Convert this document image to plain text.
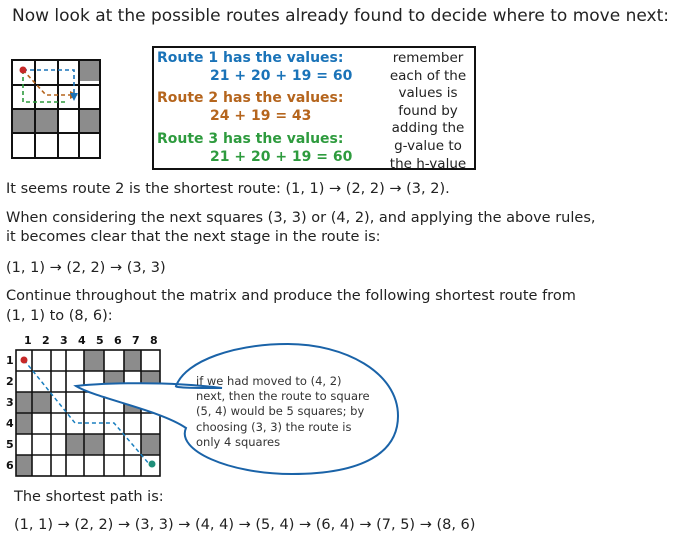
Now look at the possible routes already found to decide where to move next:
Route 1 has the values:
21 + 20 + 19 = 60
Route 2 has the values:
24 + 19 = 43
Route 3 has the values:
21 + 20 + 19 = 60
remember
each of the
values is
found by
adding the
g-value to
the h-value
It seems route 2 is the shortest route: (1, 1) → (2, 2) → (3, 2).
When considering the next squares (3, 3) or (4, 2), and applying the above rules,
it becomes clear that the next stage in the route is:
(1, 1) → (2, 2) → (3, 3)
Continue throughout the matrix and produce the following shortest route from
(1, 1) to (8, 6):
1 2 3 4 5 6 7 8
1
2
3
4
5
6
if we had moved to (4, 2) next, then the route to square (5, 4) would be 5 squares; by choosing (3, 3) the route is only 4 squares
The shortest path is:
(1, 1) → (2, 2) → (3, 3) → (4, 4) → (5, 4) → (6, 4) → (7, 5) → (8, 6)
